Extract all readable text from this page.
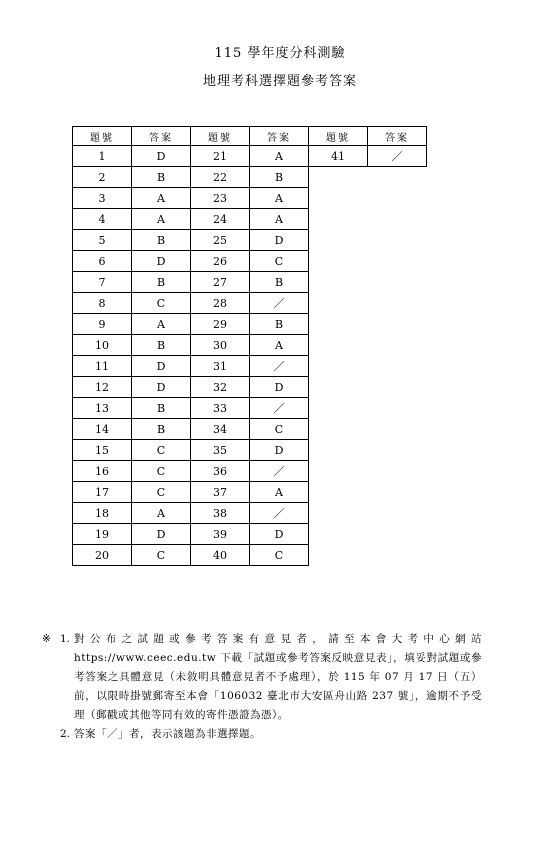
115 學年度分科測驗
地理考科選擇題參考答案
題號	答案	題號	答案	題號	答案
1	D	21	A	41	／
2	B	22	B		
3	A	23	A		
4	A	24	A		
5	B	25	D		
6	D	26	C		
7	B	27	B		
8	C	28	／		
9	A	29	B		
10	B	30	A		
11	D	31	／		
12	D	32	D		
13	B	33	／		
14	B	34	C		
15	C	35	D		
16	C	36	／		
17	C	37	A		
18	A	38	／		
19	D	39	D		
20	C	40	C		
※ 1. 對公布之試題或參考答案有意見者，請至本會大考中心網站 https://www.ceec.edu.tw 下載「試題或參考答案反映意見表」，填妥對試題或參考答案之具體意見（未敘明具體意見者不予處理），於 115 年 07 月 17 日（五）前，以限時掛號郵寄至本會「106032 臺北市大安區舟山路 237 號」，逾期不予受理（郵戳或其他等同有效的寄件憑證為憑）。
2. 答案「／」者，表示該題為非選擇題。
